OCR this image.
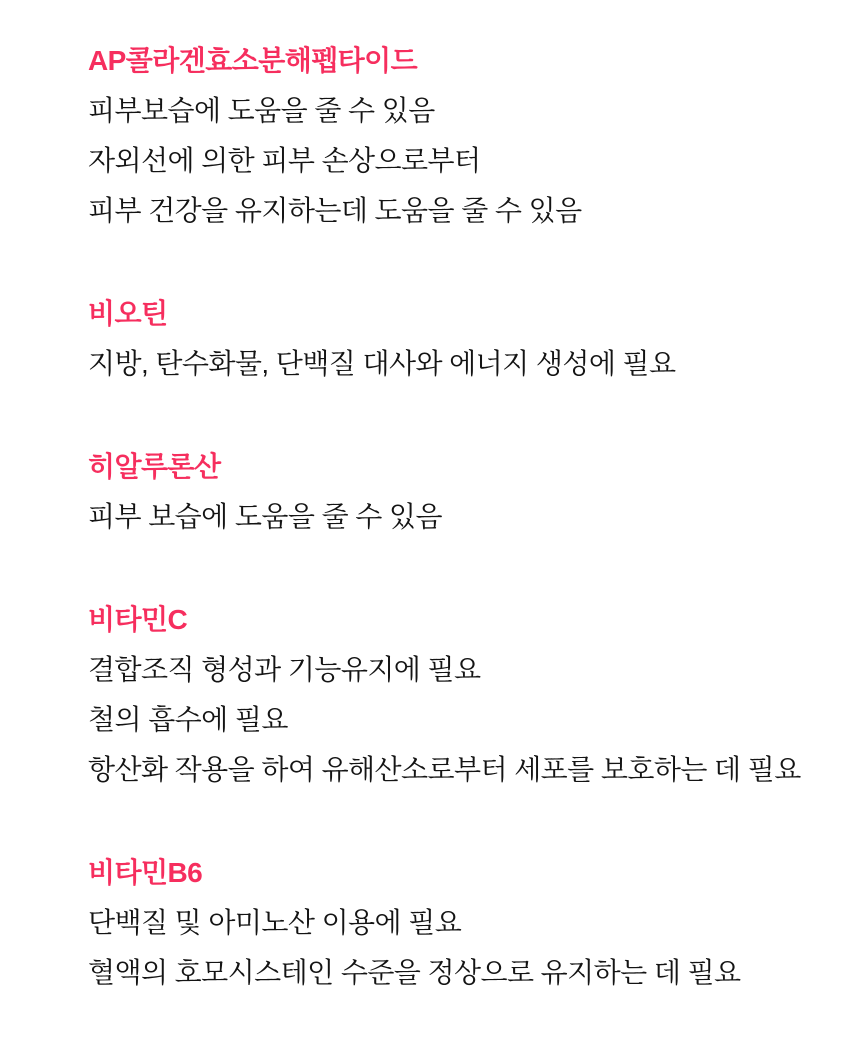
AP콜라겐효소분해펩타이드
피부보습에 도움을 줄 수 있음
자외선에 의한 피부 손상으로부터
피부 건강을 유지하는데 도움을 줄 수 있음
비오틴
지방, 탄수화물, 단백질 대사와 에너지 생성에 필요
히알루론산
피부 보습에 도움을 줄 수 있음
비타민C
결합조직 형성과 기능유지에 필요
철의 흡수에 필요
항산화 작용을 하여 유해산소로부터 세포를 보호하는 데 필요
비타민B6
단백질 및 아미노산 이용에 필요
혈액의 호모시스테인 수준을 정상으로 유지하는 데 필요
